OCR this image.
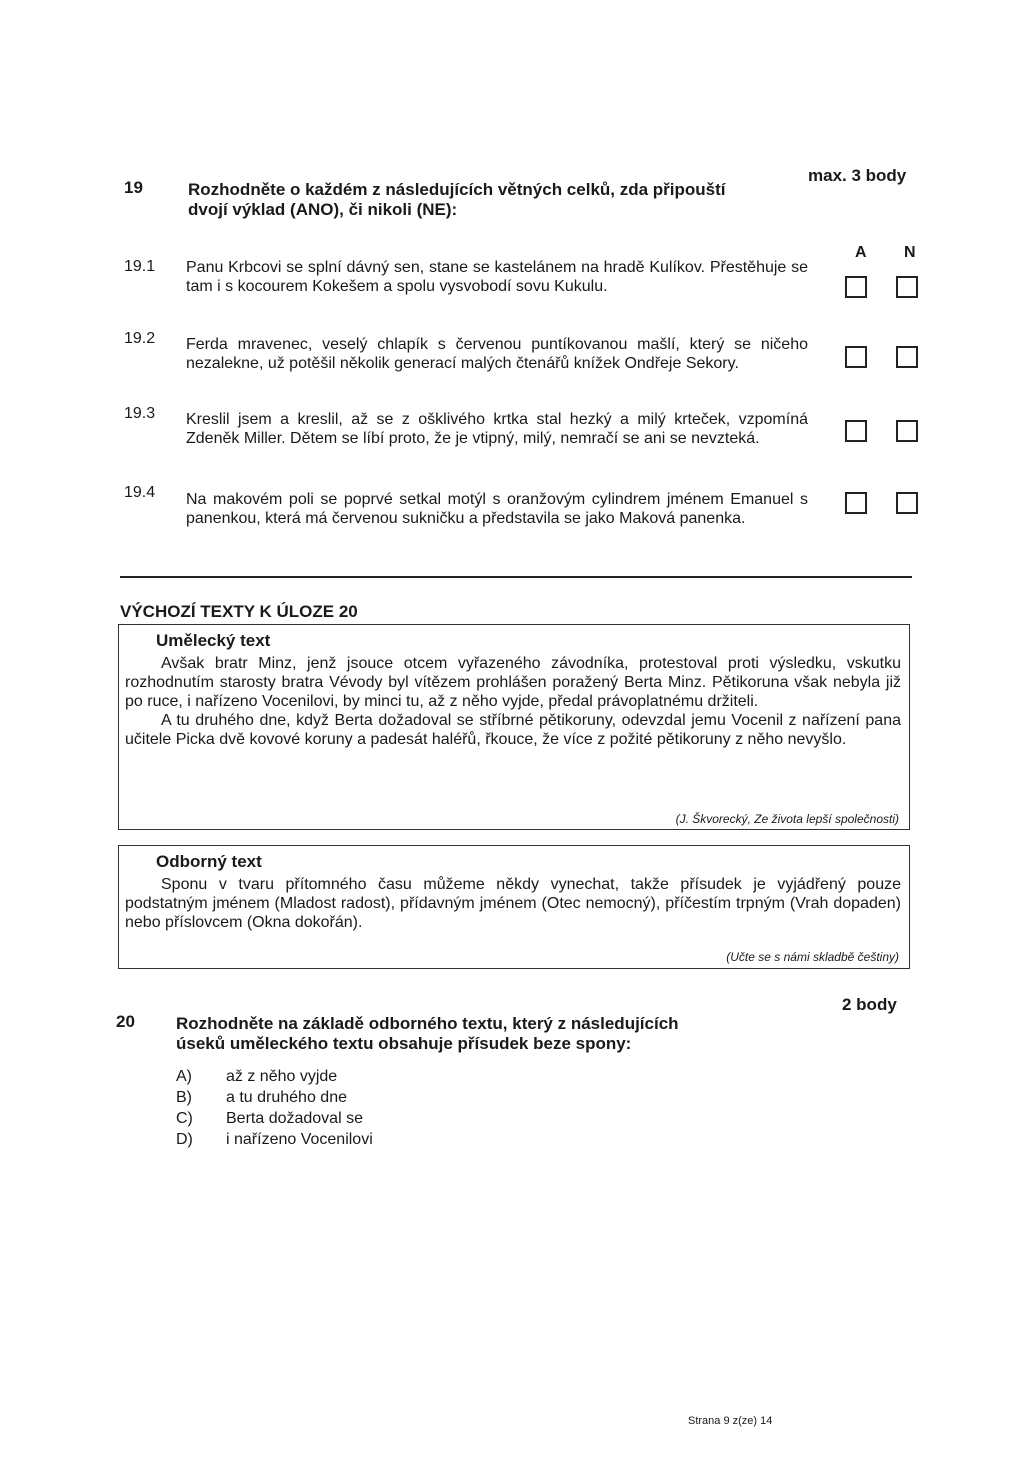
max. 3 body
19	Rozhodněte o každém z následujících větných celků, zda připouští
dvojí výklad (ANO), či nikoli (NE):
A N
19.1 Panu Krbcovi se splní dávný sen, stane se kastelánem na hradě Kulíkov. Přestěhuje se tam i s kocourem Kokešem a spolu vysvobodí sovu Kukulu.
19.2 Ferda mravenec, veselý chlapík s červenou puntíkovanou mašlí, který se ničeho nezalekne, už potěšil několik generací malých čtenářů knížek Ondřeje Sekory.
19.3 Kreslil jsem a kreslil, až se z ošklivého krtka stal hezký a milý krteček, vzpomíná Zdeněk Miller. Dětem se líbí proto, že je vtipný, milý, nemračí se ani se nevzteká.
19.4 Na makovém poli se poprvé setkal motýl s oranžovým cylindrem jménem Emanuel s panenkou, která má červenou sukničku a představila se jako Maková panenka.
VÝCHOZÍ TEXTY K ÚLOZE 20
Umělecký text

Avšak bratr Minz, jenž jsouce otcem vyřazeného závodníka, protestoval proti výsledku, vskutku rozhodnutím starosty bratra Vévody byl vítězem prohlášen poražený Berta Minz. Pětikoruna však nebyla již po ruce, i nařízeno Vocenilovi, by minci tu, až z něho vyjde, předal právoplatnému držiteli.

A tu druhého dne, když Berta dožadoval se stříbrné pětikoruny, odevzdal jemu Vocenil z nařízení pana učitele Picka dvě kovové koruny a padesát haléřů, řkouce, že více z požité pětikoruny z něho nevyšlo.

(J. Škvorecký, Ze života lepší společnosti)
Odborný text

Sponu v tvaru přítomného času můžeme někdy vynechat, takže přísudek je vyjádřený pouze podstatným jménem (Mladost radost), přídavným jménem (Otec nemocný), příčestím trpným (Vrah dopaden) nebo příslovcem (Okna dokořán).

(Učte se s námi skladbě češtiny)
2 body
20 Rozhodněte na základě odborného textu, který z následujících
úseků uměleckého textu obsahuje přísudek beze spony:
A) až z něho vyjde
B) a tu druhého dne
C) Berta dožadoval se
D) i nařízeno Vocenilovi
Strana 9 z(ze) 14
